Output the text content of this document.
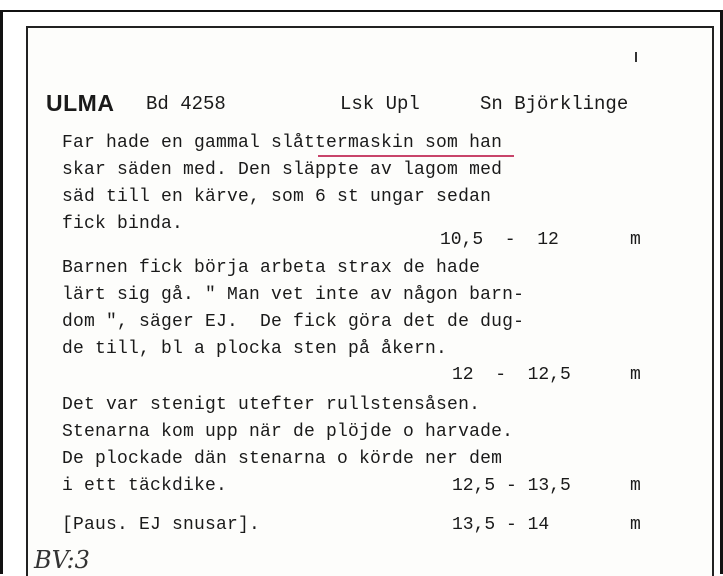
ULMA Bd 4258	Lsk Upl	Sn Björklinge
Far hade en gammal slåttermaskin som han
skar säden med. Den släppte av lagom med
säd till en kärve, som 6 st ungar sedan
fick binda.
10,5  -  12	m
Barnen fick börja arbeta strax de hade
lärt sig gå. " Man vet inte av någon barn-
dom ", säger EJ.  De fick göra det de dug-
de till, bl a plocka sten på åkern.
12  -  12,5	m
Det var stenigt utefter rullstensåsen.
Stenarna kom upp när de plöjde o harvade.
De plockade dän stenarna o körde ner dem
i ett täckdike.	12,5 - 13,5	m
[Paus. EJ snusar].	13,5 - 14	m
BV:3
